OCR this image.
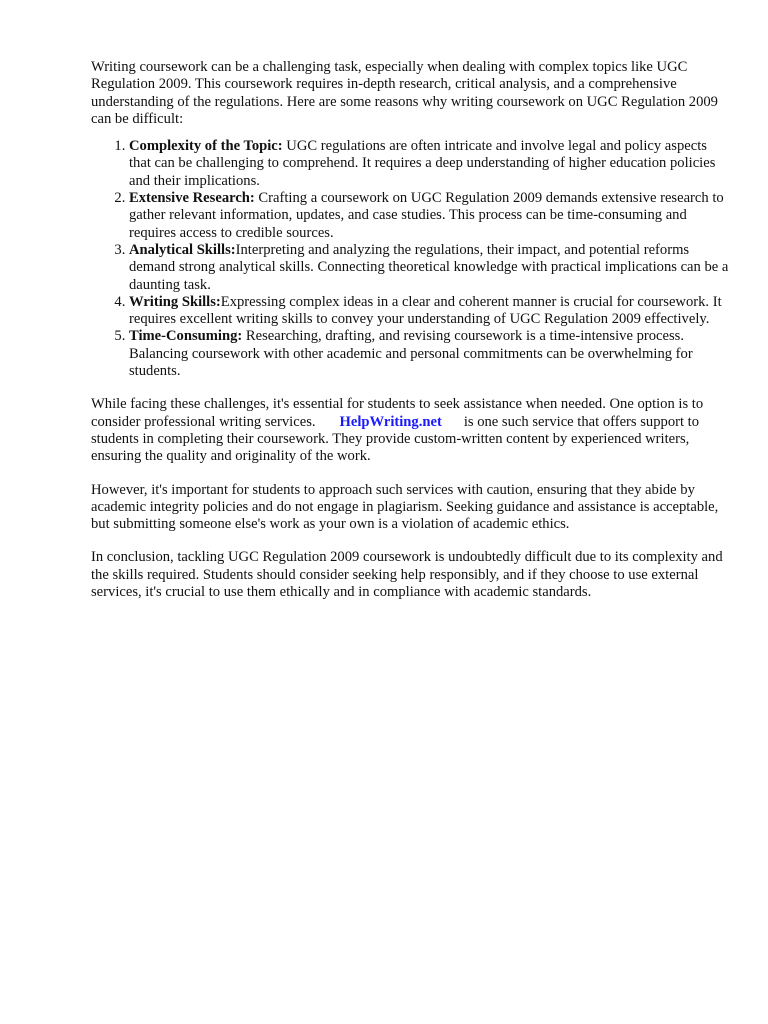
Writing coursework can be a challenging task, especially when dealing with complex topics like UGC Regulation 2009. This coursework requires in-depth research, critical analysis, and a comprehensive understanding of the regulations. Here are some reasons why writing coursework on UGC Regulation 2009 can be difficult:

1. Complexity of the Topic: UGC regulations are often intricate and involve legal and policy aspects that can be challenging to comprehend. It requires a deep understanding of higher education policies and their implications.
2. Extensive Research: Crafting a coursework on UGC Regulation 2009 demands extensive research to gather relevant information, updates, and case studies. This process can be time-consuming and requires access to credible sources.
3. Analytical Skills:Interpreting and analyzing the regulations, their impact, and potential reforms demand strong analytical skills. Connecting theoretical knowledge with practical implications can be a daunting task.
4. Writing Skills:Expressing complex ideas in a clear and coherent manner is crucial for coursework. It requires excellent writing skills to convey your understanding of UGC Regulation 2009 effectively.
5. Time-Consuming: Researching, drafting, and revising coursework is a time-intensive process. Balancing coursework with other academic and personal commitments can be overwhelming for students.

While facing these challenges, it's essential for students to seek assistance when needed. One option is to consider professional writing services. HelpWriting.net is one such service that offers support to students in completing their coursework. They provide custom-written content by experienced writers, ensuring the quality and originality of the work.

However, it's important for students to approach such services with caution, ensuring that they abide by academic integrity policies and do not engage in plagiarism. Seeking guidance and assistance is acceptable, but submitting someone else's work as your own is a violation of academic ethics.

In conclusion, tackling UGC Regulation 2009 coursework is undoubtedly difficult due to its complexity and the skills required. Students should consider seeking help responsibly, and if they choose to use external services, it's crucial to use them ethically and in compliance with academic standards.
